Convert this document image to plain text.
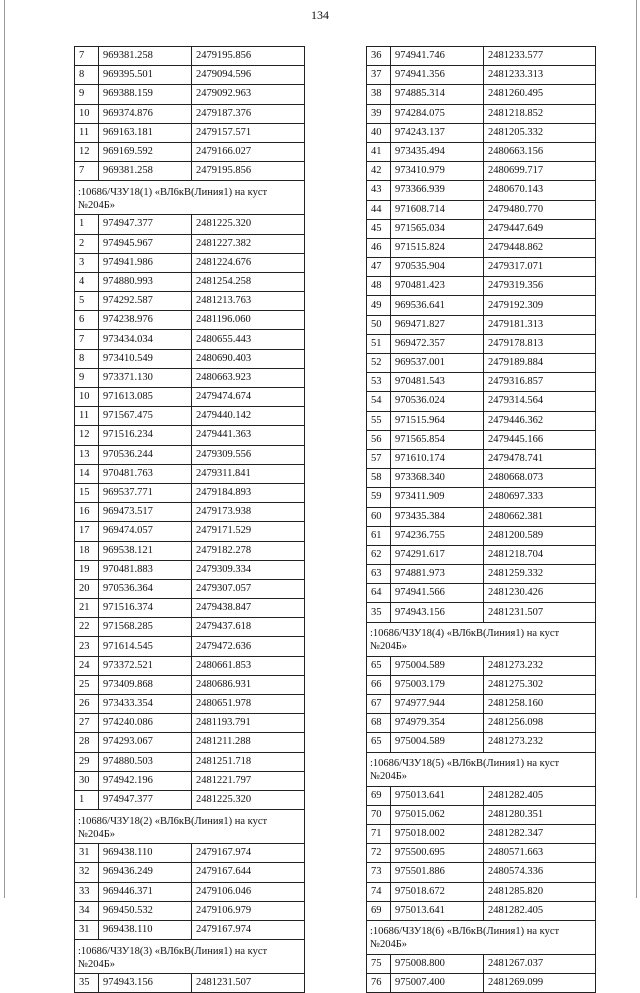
134
7	969381.258	2479195.856
8	969395.501	2479094.596
9	969388.159	2479092.963
10	969374.876	2479187.376
11	969163.181	2479157.571
12	969169.592	2479166.027
7	969381.258	2479195.856
:10686/ЧЗУ18(1) «ВЛ6кВ(Линия1) на куст №204Б»		
1	974947.377	2481225.320
2	974945.967	2481227.382
3	974941.986	2481224.676
4	974880.993	2481254.258
5	974292.587	2481213.763
6	974238.976	2481196.060
7	973434.034	2480655.443
8	973410.549	2480690.403
9	973371.130	2480663.923
10	971613.085	2479474.674
11	971567.475	2479440.142
12	971516.234	2479441.363
13	970536.244	2479309.556
14	970481.763	2479311.841
15	969537.771	2479184.893
16	969473.517	2479173.938
17	969474.057	2479171.529
18	969538.121	2479182.278
19	970481.883	2479309.334
20	970536.364	2479307.057
21	971516.374	2479438.847
22	971568.285	2479437.618
23	971614.545	2479472.636
24	973372.521	2480661.853
25	973409.868	2480686.931
26	973433.354	2480651.978
27	974240.086	2481193.791
28	974293.067	2481211.288
29	974880.503	2481251.718
30	974942.196	2481221.797
1	974947.377	2481225.320
:10686/ЧЗУ18(2) «ВЛ6кВ(Линия1) на куст №204Б»		
31	969438.110	2479167.974
32	969436.249	2479167.644
33	969446.371	2479106.046
34	969450.532	2479106.979
31	969438.110	2479167.974
:10686/ЧЗУ18(3) «ВЛ6кВ(Линия1) на куст №204Б»		
35	974943.156	2481231.507
36	974941.746	2481233.577
37	974941.356	2481233.313
38	974885.314	2481260.495
39	974284.075	2481218.852
40	974243.137	2481205.332
41	973435.494	2480663.156
42	973410.979	2480699.717
43	973366.939	2480670.143
44	971608.714	2479480.770
45	971565.034	2479447.649
46	971515.824	2479448.862
47	970535.904	2479317.071
48	970481.423	2479319.356
49	969536.641	2479192.309
50	969471.827	2479181.313
51	969472.357	2479178.813
52	969537.001	2479189.884
53	970481.543	2479316.857
54	970536.024	2479314.564
55	971515.964	2479446.362
56	971565.854	2479445.166
57	971610.174	2479478.741
58	973368.340	2480668.073
59	973411.909	2480697.333
60	973435.384	2480662.381
61	974236.755	2481200.589
62	974291.617	2481218.704
63	974881.973	2481259.332
64	974941.566	2481230.426
35	974943.156	2481231.507
:10686/ЧЗУ18(4) «ВЛ6кВ(Линия1) на куст №204Б»		
65	975004.589	2481273.232
66	975003.179	2481275.302
67	974977.944	2481258.160
68	974979.354	2481256.098
65	975004.589	2481273.232
:10686/ЧЗУ18(5) «ВЛ6кВ(Линия1) на куст №204Б»		
69	975013.641	2481282.405
70	975015.062	2481280.351
71	975018.002	2481282.347
72	975500.695	2480571.663
73	975501.886	2480574.336
74	975018.672	2481285.820
69	975013.641	2481282.405
:10686/ЧЗУ18(6) «ВЛ6кВ(Линия1) на куст №204Б»		
75	975008.800	2481267.037
76	975007.400	2481269.099
